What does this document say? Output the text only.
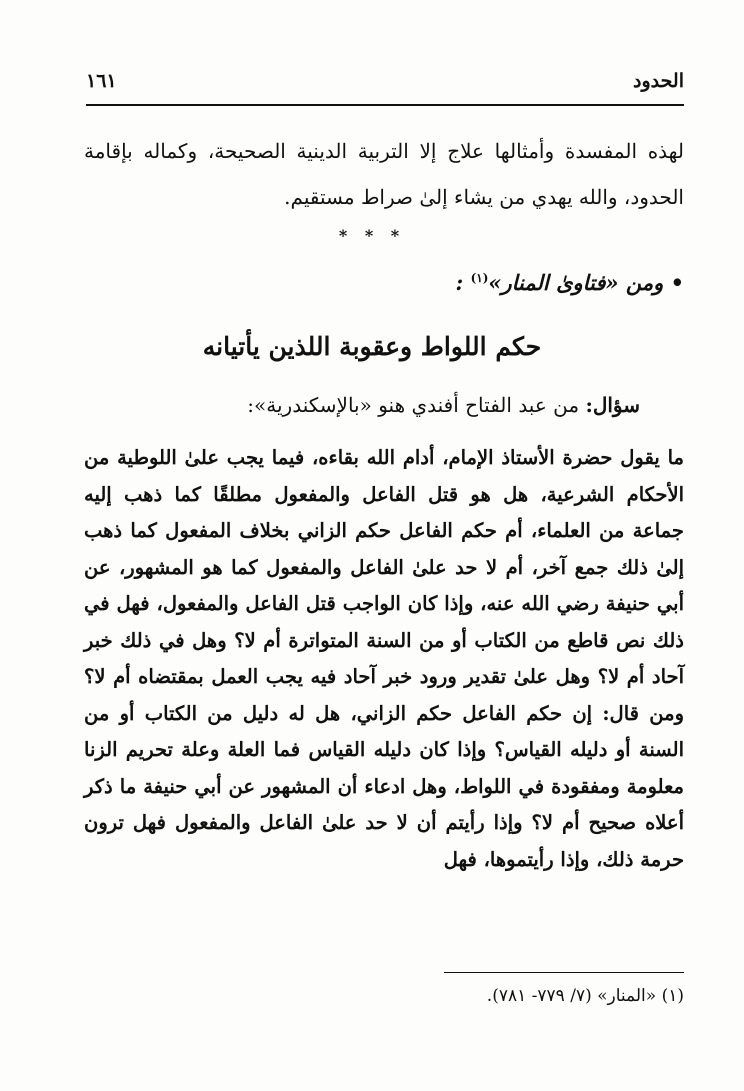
الحدود
١٦١

لهذه المفسدة وأمثالها علاج إلا التربية الدينية الصحيحة، وكماله بإقامة الحدود، والله يهدي من يشاء إلىٰ صراط مستقيم.

* * *
• ومن «فتاوىٰ المنار»$^{(١)}$ :
حكم اللواط وعقوبة اللذين يأتيانه
سؤال: من عبد الفتاح أفندي هنو «بالإسكندرية»:

ما يقول حضرة الأستاذ الإمام، أدام الله بقاءه، فيما يجب علىٰ اللوطية من الأحكام الشرعية، هل هو قتل الفاعل والمفعول مطلقًا كما ذهب إليه جماعة من العلماء، أم حكم الفاعل حكم الزاني بخلاف المفعول كما ذهب إلىٰ ذلك جمع آخر، أم لا حد علىٰ الفاعل والمفعول كما هو المشهور، عن أبي حنيفة رضي الله عنه، وإذا كان الواجب قتل الفاعل والمفعول، فهل في ذلك نص قاطع من الكتاب أو من السنة المتواترة أم لا؟ وهل في ذلك خبر آحاد أم لا؟ وهل علىٰ تقدير ورود خبر آحاد فيه يجب العمل بمقتضاه أم لا؟ ومن قال: إن حكم الفاعل حكم الزاني، هل له دليل من الكتاب أو من السنة أو دليله القياس؟ وإذا كان دليله القياس فما العلة وعلة تحريم الزنا معلومة ومفقودة في اللواط، وهل ادعاء أن المشهور عن أبي حنيفة ما ذكر أعلاه صحيح أم لا؟ وإذا رأيتم أن لا حد علىٰ الفاعل والمفعول فهل ترون حرمة ذلك، وإذا رأيتموها، فهل

(١) «المنار» (٧/ ٧٧٩- ٧٨١).
